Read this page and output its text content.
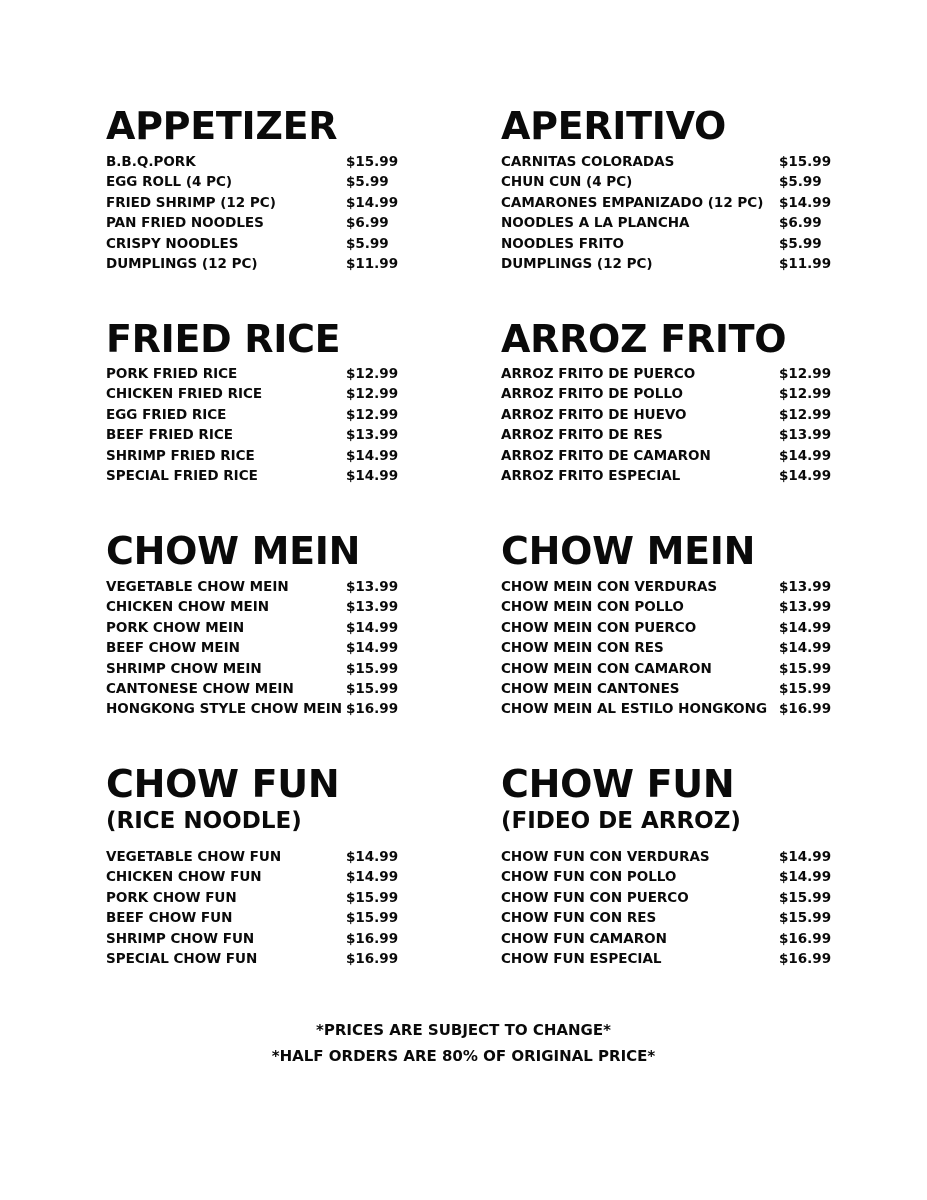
APPETIZER
B.B.Q.PORK	$15.99
EGG ROLL (4 PC)	$5.99
FRIED SHRIMP (12 PC)	$14.99
PAN FRIED NOODLES	$6.99
CRISPY NOODLES	$5.99
DUMPLINGS (12 PC)	$11.99
FRIED RICE
PORK FRIED RICE	$12.99
CHICKEN FRIED RICE	$12.99
EGG FRIED RICE	$12.99
BEEF FRIED RICE	$13.99
SHRIMP FRIED RICE	$14.99
SPECIAL FRIED RICE	$14.99
CHOW MEIN
VEGETABLE CHOW MEIN	$13.99
CHICKEN CHOW MEIN	$13.99
PORK CHOW MEIN	$14.99
BEEF CHOW MEIN	$14.99
SHRIMP CHOW MEIN	$15.99
CANTONESE CHOW MEIN	$15.99
HONGKONG STYLE CHOW MEIN $16.99
CHOW FUN
(RICE NOODLE)
VEGETABLE CHOW FUN	$14.99
CHICKEN CHOW FUN	$14.99
PORK CHOW FUN	$15.99
BEEF CHOW FUN	$15.99
SHRIMP CHOW FUN	$16.99
SPECIAL CHOW FUN	$16.99
APERITIVO
CARNITAS COLORADAS	$15.99
CHUN CUN (4 PC)	$5.99
CAMARONES EMPANIZADO (12 PC) $14.99
NOODLES A LA PLANCHA	$6.99
NOODLES FRITO	$5.99
DUMPLINGS (12 PC)	$11.99
ARROZ FRITO
ARROZ FRITO DE PUERCO	$12.99
ARROZ FRITO DE POLLO	$12.99
ARROZ FRITO DE HUEVO	$12.99
ARROZ FRITO DE RES	$13.99
ARROZ FRITO DE CAMARON	$14.99
ARROZ FRITO ESPECIAL	$14.99
CHOW MEIN
CHOW MEIN CON VERDURAS	$13.99
CHOW MEIN CON POLLO	$13.99
CHOW MEIN CON PUERCO	$14.99
CHOW MEIN CON RES	$14.99
CHOW MEIN CON CAMARON	$15.99
CHOW MEIN CANTONES	$15.99
CHOW MEIN AL ESTILO HONGKONG $16.99
CHOW FUN
(FIDEO DE ARROZ)
CHOW FUN CON VERDURAS	$14.99
CHOW FUN CON POLLO	$14.99
CHOW FUN CON PUERCO	$15.99
CHOW FUN CON RES	$15.99
CHOW FUN CAMARON	$16.99
CHOW FUN ESPECIAL	$16.99
*PRICES ARE SUBJECT TO CHANGE*
*HALF ORDERS ARE 80% OF ORIGINAL PRICE*
